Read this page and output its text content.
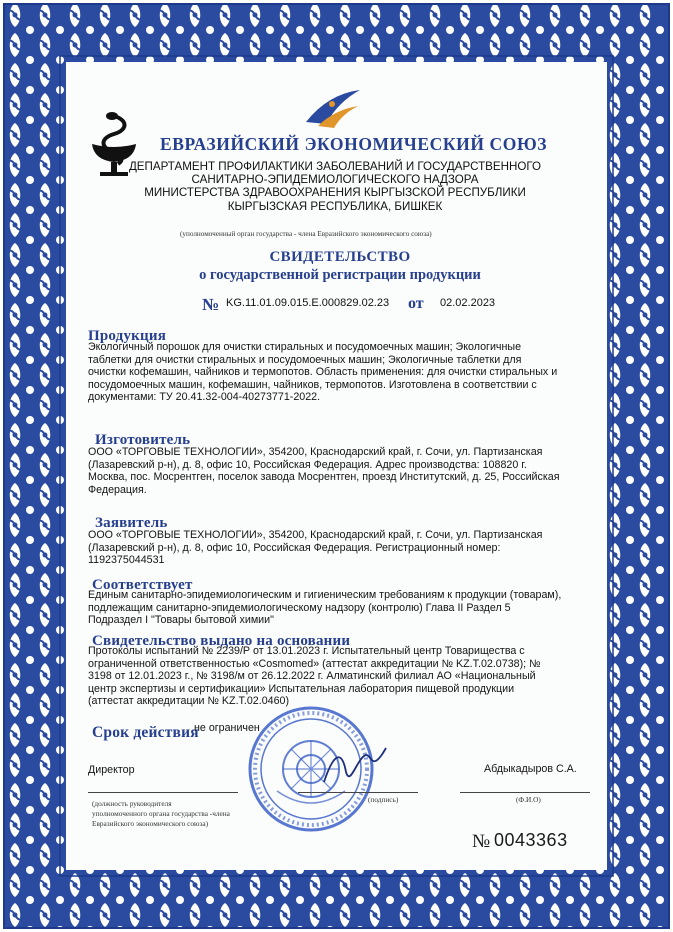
ЕВРАЗИЙСКИЙ ЭКОНОМИЧЕСКИЙ СОЮЗ
ДЕПАРТАМЕНТ ПРОФИЛАКТИКИ ЗАБОЛЕВАНИЙ И ГОСУДАРСТВЕННОГО
САНИТАРНО-ЭПИДЕМИОЛОГИЧЕСКОГО НАДЗОРА
МИНИСТЕРСТВА ЗДРАВООХРАНЕНИЯ КЫРГЫЗСКОЙ РЕСПУБЛИКИ
КЫРГЫЗСКАЯ РЕСПУБЛИКА, БИШКЕК
(уполномоченный орган государства - члена Евразийского экономического союза)
СВИДЕТЕЛЬСТВО
о государственной регистрации продукции
№ KG.11.01.09.015.E.000829.02.23 от 02.02.2023
Продукция
Экологичный порошок для очистки стиральных и посудомоечных машин; Экологичные
таблетки для очистки стиральных и посудомоечных машин; Экологичные таблетки для
очистки кофемашин, чайников и термопотов. Область применения: для очистки стиральных и
посудомоечных машин, кофемашин, чайников, термопотов. Изготовлена в соответствии с
документами: ТУ 20.41.32-004-40273771-2022.
Изготовитель
ООО «ТОРГОВЫЕ ТЕХНОЛОГИИ», 354200, Краснодарский край, г. Сочи, ул. Партизанская
(Лазаревский р-н), д. 8, офис 10, Российская Федерация. Адрес производства: 108820 г.
Москва, пос. Мосрентген, поселок завода Мосрентген, проезд Институтский, д. 25, Российская
Федерация.
Заявитель
ООО «ТОРГОВЫЕ ТЕХНОЛОГИИ», 354200, Краснодарский край, г. Сочи, ул. Партизанская
(Лазаревский р-н), д. 8, офис 10, Российская Федерация. Регистрационный номер:
1192375044531
Соответствует
Единым санитарно-эпидемиологическим и гигиеническим требованиям к продукции (товарам),
подлежащим санитарно-эпидемиологическому надзору (контролю) Глава II Раздел 5
Подраздел I "Товары бытовой химии"
Свидетельство выдано на основании
Протоколы испытаний № 2239/Р от 13.01.2023 г. Испытательный центр Товарищества с
ограниченной ответственностью «Cosmomed» (аттестат аккредитации № KZ.T.02.0738); №
3198 от 12.01.2023 г., № 3198/м от 26.12.2022 г. Алматинский филиал АО «Национальный
центр экспертизы и сертификации» Испытательная лаборатория пищевой продукции
(аттестат аккредитации № KZ.T.02.0460)
Срок действия
не ограничен
Директор	Абдыкадыров С.А.
(должность руководителя
уполномоченного органа государства -члена
Евразийского экономического союза)
(подпись)	(Ф.И.О)
№ 0043363
